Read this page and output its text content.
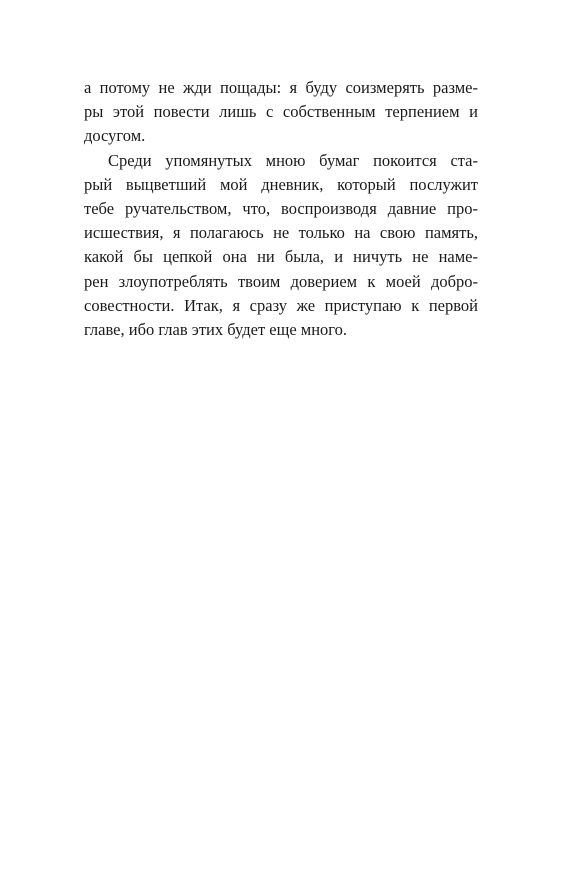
а потому не жди пощады: я буду соизмерять разме-
ры этой повести лишь с собственным терпением и
досугом.
Среди упомянутых мною бумаг покоится ста-
рый выцветший мой дневник, который послужит
тебе ручательством, что, воспроизводя давние про-
исшествия, я полагаюсь не только на свою память,
какой бы цепкой она ни была, и ничуть не наме-
рен злоупотреблять твоим доверием к моей добро-
совестности. Итак, я сразу же приступаю к первой
главе, ибо глав этих будет еще много.
